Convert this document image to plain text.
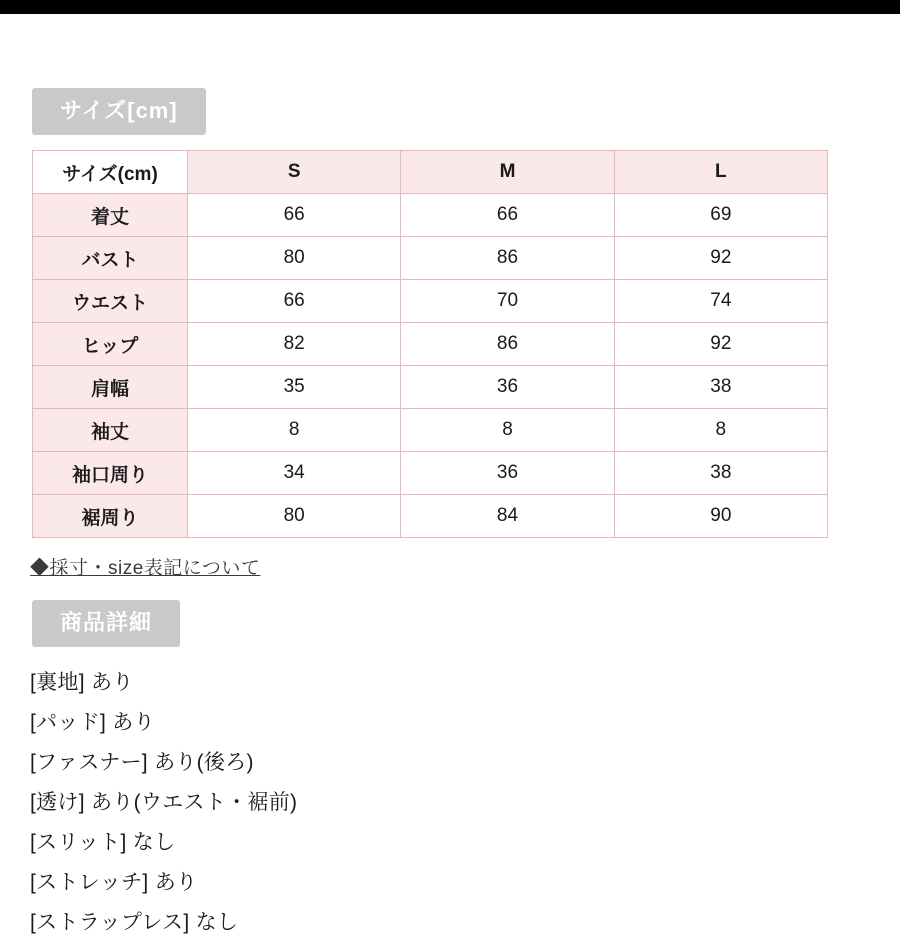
サイズ[cm]
サイズ(cm)	S	M	L
着丈	66	66	69
バスト	80	86	92
ウエスト	66	70	74
ヒップ	82	86	92
肩幅	35	36	38
袖丈	8	8	8
袖口周り	34	36	38
裾周り	80	84	90
◆採寸・size表記について
商品詳細
[裏地] あり
[パッド] あり
[ファスナー] あり(後ろ)
[透け] あり(ウエスト・裾前)
[スリット] なし
[ストレッチ] あり
[ストラップレス] なし
